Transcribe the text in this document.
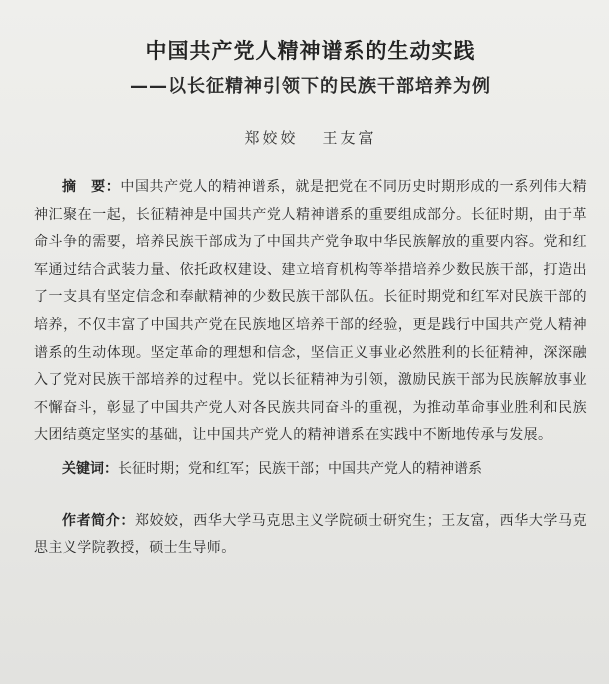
中国共产党人精神谱系的生动实践
——以长征精神引领下的民族干部培养为例
郑姣姣 王友富

摘　要：中国共产党人的精神谱系，就是把党在不同历史时期形成的一系列伟大精神汇聚在一起，长征精神是中国共产党人精神谱系的重要组成部分。长征时期，由于革命斗争的需要，培养民族干部成为了中国共产党争取中华民族解放的重要内容。党和红军通过结合武装力量、依托政权建设、建立培育机构等举措培养少数民族干部，打造出了一支具有坚定信念和奉献精神的少数民族干部队伍。长征时期党和红军对民族干部的培养，不仅丰富了中国共产党在民族地区培养干部的经验，更是践行中国共产党人精神谱系的生动体现。坚定革命的理想和信念，坚信正义事业必然胜利的长征精神，深深融入了党对民族干部培养的过程中。党以长征精神为引领，激励民族干部为民族解放事业不懈奋斗，彰显了中国共产党人对各民族共同奋斗的重视，为推动革命事业胜利和民族大团结奠定坚实的基础，让中国共产党人的精神谱系在实践中不断地传承与发展。

关键词：长征时期 ； 党和红军 ； 民族干部 ； 中国共产党人的精神谱系

作者简介：郑姣姣，西华大学马克思主义学院硕士研究生；王友富，西华大学马克思主义学院教授，硕士生导师。
